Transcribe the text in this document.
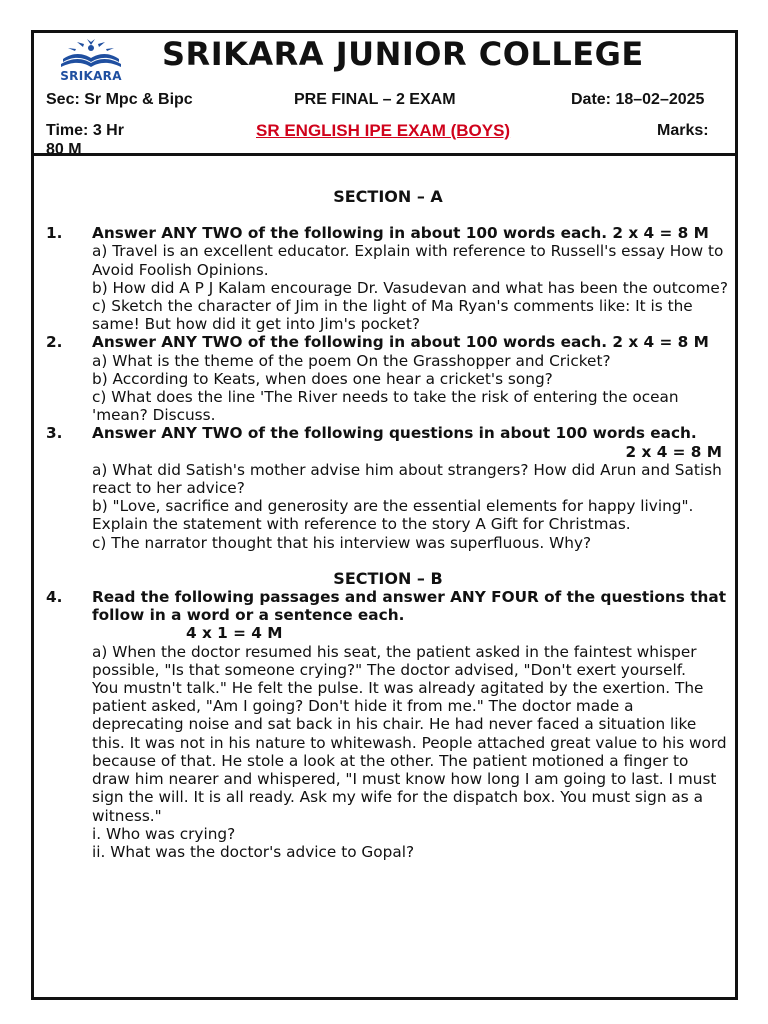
SRIKARA
SRIKARA JUNIOR COLLEGE
Sec: Sr Mpc & Bipc	PRE FINAL – 2 EXAM	Date: 18–02–2025
Time: 3 Hr	SR ENGLISH IPE EXAM (BOYS)	Marks:
80 M

SECTION – A

1. Answer ANY TWO of the following in about 100 words each. 2 x 4 = 8 M

a) Travel is an excellent educator. Explain with reference to Russell's essay How to Avoid Foolish Opinions.

b) How did A P J Kalam encourage Dr. Vasudevan and what has been the outcome?

c) Sketch the character of Jim in the light of Ma Ryan's comments like: It is the same! But how did it get into Jim's pocket?

2. Answer ANY TWO of the following in about 100 words each. 2 x 4 = 8 M

a) What is the theme of the poem On the Grasshopper and Cricket?

b) According to Keats, when does one hear a cricket's song?

c) What does the line 'The River needs to take the risk of entering the ocean 'mean? Discuss.

3. Answer ANY TWO of the following questions in about 100 words each.

2 x 4 = 8 M

a) What did Satish's mother advise him about strangers? How did Arun and Satish react to her advice?

b) "Love, sacrifice and generosity are the essential elements for happy living". Explain the statement with reference to the story A Gift for Christmas.

c) The narrator thought that his interview was superfluous. Why?

SECTION – B

4. Read the following passages and answer ANY FOUR of the questions that follow in a word or a sentence each.

4 x 1 = 4 M

a) When the doctor resumed his seat, the patient asked in the faintest whisper possible, "Is that someone crying?" The doctor advised, "Don't exert yourself.

You mustn't talk." He felt the pulse. It was already agitated by the exertion. The patient asked, "Am I going? Don't hide it from me." The doctor made a deprecating noise and sat back in his chair. He had never faced a situation like this. It was not in his nature to whitewash. People attached great value to his word because of that. He stole a look at the other. The patient motioned a finger to draw him nearer and whispered, "I must know how long I am going to last. I must sign the will. It is all ready. Ask my wife for the dispatch box. You must sign as a witness."

i. Who was crying?

ii. What was the doctor's advice to Gopal?
